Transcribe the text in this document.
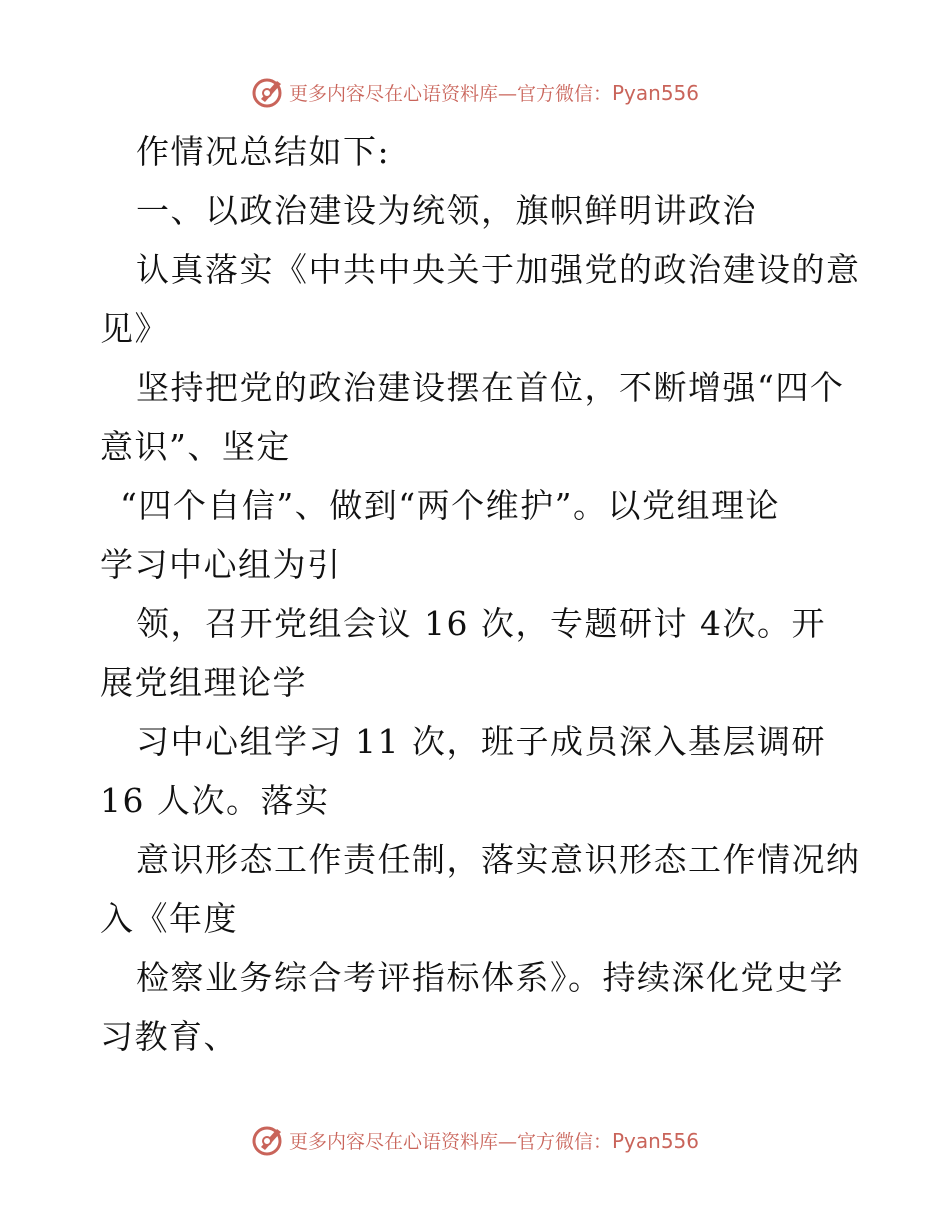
更多内容尽在心语资料库—官方微信：Pyan556
作情况总结如下:
一、以政治建设为统领，旗帜鲜明讲政治
认真落实《中共中央关于加强党的政治建设的意
见》
坚持把党的政治建设摆在首位，不断增强“四个
意识”、坚定
“四个自信”、做到“两个维护”。以党组理论
学习中心组为引
领，召开党组会议 16 次，专题研讨 4次。开
展党组理论学
习中心组学习 11 次，班子成员深入基层调研
16 人次。落实
意识形态工作责任制，落实意识形态工作情况纳
入《年度
检察业务综合考评指标体系》。持续深化党史学
习教育、
更多内容尽在心语资料库—官方微信：Pyan556
